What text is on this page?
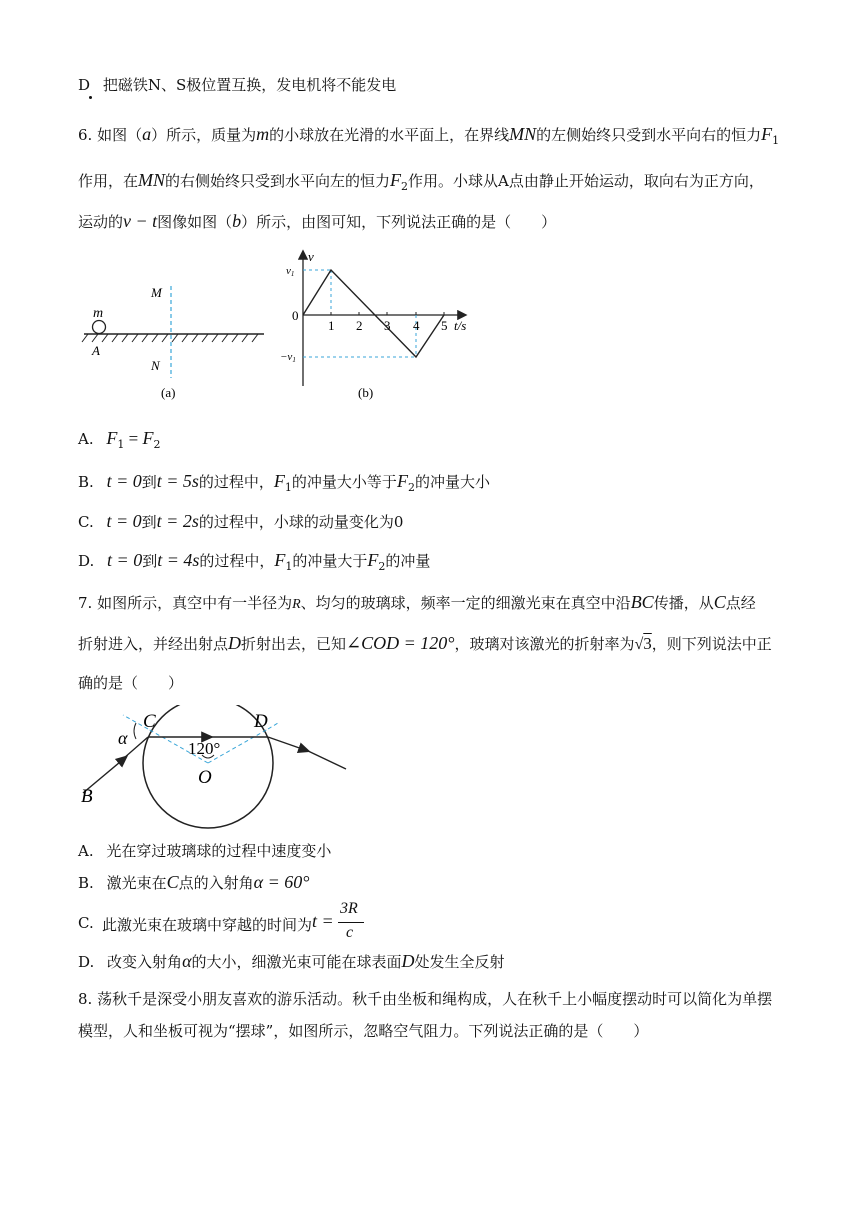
D 把磁铁N、S极位置互换，发电机将不能发电
6. 如图（a）所示，质量为m的小球放在光滑的水平面上，在界线MN的左侧始终只受到水平向右的恒力$F_1$
作用，在MN的右侧始终只受到水平向左的恒力$F_2$作用。小球从A点由静止开始运动，取向右为正方向，
运动的v − t图像如图（b）所示，由图可知，下列说法正确的是（　　）
m
A
M
N
(a)
v
v1
0
−v1
1 2 3 4 5 t/s
(b)
A. $F_1 = F_2$
B. t = 0到t = 5s的过程中，$F_1$的冲量大小等于$F_2$的冲量大小
C. t = 0到t = 2s的过程中，小球的动量变化为0
D. t = 0到t = 4s的过程中，$F_1$的冲量大于$F_2$的冲量
7. 如图所示，真空中有一半径为R、均匀的玻璃球，频率一定的细激光束在真空中沿BC传播，从C点经
折射进入，并经出射点D折射出去，已知∠COD = 120°，玻璃对该激光的折射率为√3，则下列说法中正
确的是（　　）
C	D
α
120°
O
B
A. 光在穿过玻璃球的过程中速度变小
B. 激光束在C点的入射角α = 60°
C. 此激光束在玻璃中穿越的时间为 t =
3R
c
D. 改变入射角α的大小，细激光束可能在球表面D处发生全反射
8. 荡秋千是深受小朋友喜欢的游乐活动。秋千由坐板和绳构成，人在秋千上小幅度摆动时可以简化为单摆
模型，人和坐板可视为“摆球”，如图所示，忽略空气阻力。下列说法正确的是（　　）
